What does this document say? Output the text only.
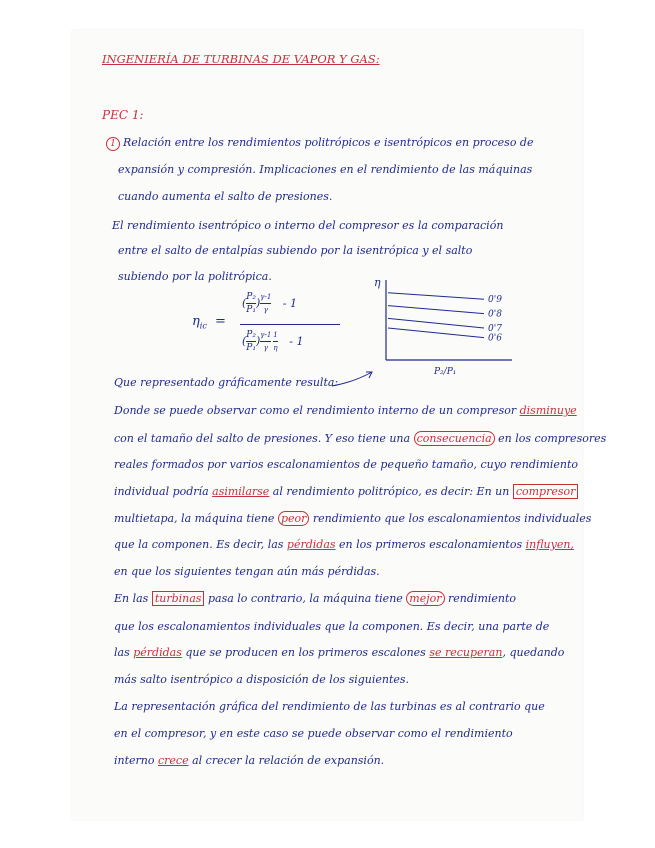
INGENIERÍA DE TURBINAS DE VAPOR Y GAS:
PEC 1:
1 Relación entre los rendimientos politrópicos e isentrópicos en proceso de
expansión y compresión. Implicaciones en el rendimiento de las máquinas
cuando aumenta el salto de presiones.
El rendimiento isentrópico o interno del compresor es la comparación
entre el salto de entalpías subiendo por la isentrópica y el salto
subiendo por la politrópica.
$\eta_{ic}$ =
( $\frac{\text{P₂}}{\text{P₁}}$ ) $\frac{\gamma-1}{\gamma} - 1$
( $\frac{\text{P₂}}{\text{P₁}}$ ) $\frac{\gamma-1}{\gamma} \frac{1}{\eta} - 1$
η
P₂/P₁
0'9
0'8
0'7
0'6
Que representado gráficamente resulta:
Donde se puede observar como el rendimiento interno de un compresor disminuye
con el tamaño del salto de presiones. Y eso tiene una consecuencia en los compresores
reales formados por varios escalonamientos de pequeño tamaño, cuyo rendimiento
individual podría asimilarse al rendimiento politrópico, es decir: En un compresor
multietapa, la máquina tiene peor rendimiento que los escalonamientos individuales
que la componen. Es decir, las pérdidas en los primeros escalonamientos influyen,
en que los siguientes tengan aún más pérdidas.
En las turbinas pasa lo contrario, la máquina tiene mejor rendimiento
que los escalonamientos individuales que la componen. Es decir, una parte de
las pérdidas que se producen en los primeros escalones se recuperan, quedando
más salto isentrópico a disposición de los siguientes.
La representación gráfica del rendimiento de las turbinas es al contrario que
en el compresor, y en este caso se puede observar como el rendimiento
interno crece al crecer la relación de expansión.
